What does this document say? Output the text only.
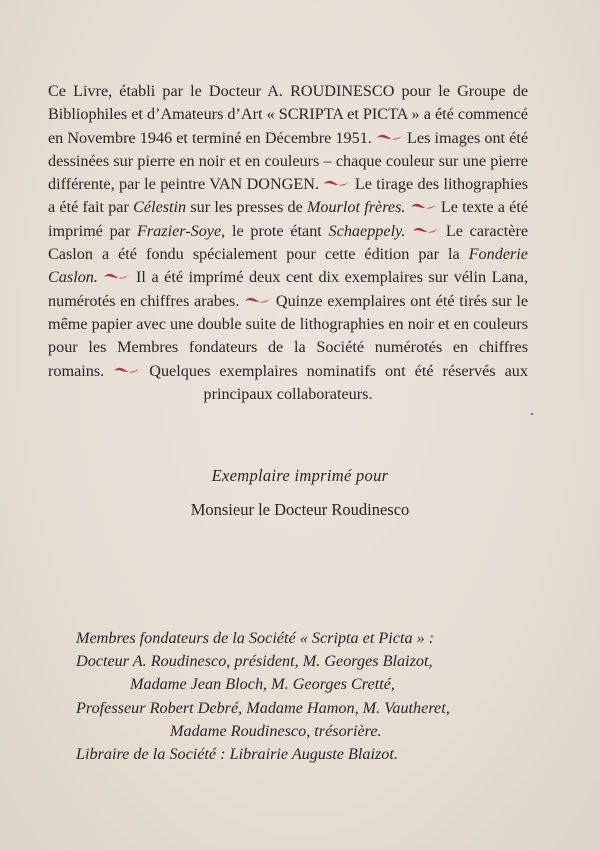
Ce Livre, établi par le Docteur A. ROUDINESCO pour le Groupe de Bibliophiles et d’Amateurs d’Art « SCRIPTA et PICTA » a été commencé en Novembre 1946 et terminé en Décembre 1951. Les images ont été dessinées sur pierre en noir et en couleurs – chaque couleur sur une pierre différente, par le peintre VAN DONGEN. Le tirage des lithographies a été fait par Célestin sur les presses de Mourlot frères. Le texte a été imprimé par Frazier-Soye, le prote étant Schaeppely. Le caractère Caslon a été fondu spécialement pour cette édition par la Fonderie Caslon. Il a été imprimé deux cent dix exemplaires sur vélin Lana, numérotés en chiffres arabes. Quinze exemplaires ont été tirés sur le même papier avec une double suite de lithographies en noir et en couleurs pour les Membres fondateurs de la Société numérotés en chiffres romains.	Quelques exemplaires nominatifs ont été réservés aux principaux collaborateurs.
Exemplaire imprimé pour
Monsieur le Docteur Roudinesco
Membres fondateurs de la Société « Scripta et Picta » :
Docteur A. Roudinesco, président, M. Georges Blaizot,
Madame Jean Bloch, M. Georges Cretté,
Professeur Robert Debré, Madame Hamon, M. Vautheret,
Madame Roudinesco, trésorière.
Libraire de la Société : Librairie Auguste Blaizot.
